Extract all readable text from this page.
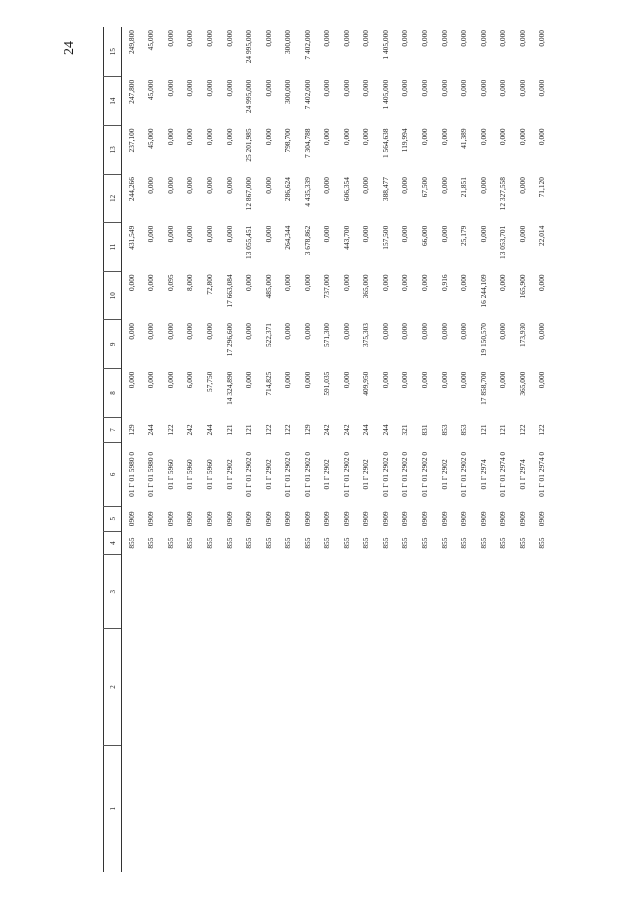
24
1	2	3	4	5	6	7	8	9	10	11	12	13	14	15
			855	0909	01 Г 01 5980 0	129	0,000	0,000	0,000	431,549	244,266	237,100	247,800	249,800
			855	0909	01 Г 01 5980 0	244	0,000	0,000	0,000	0,000	0,000	45,000	45,000	45,000
			855	0909	01 Г 5960	122	0,000	0,000	0,095	0,000	0,000	0,000	0,000	0,000
			855	0909	01 Г 5960	242	6,000	0,000	8,000	0,000	0,000	0,000	0,000	0,000
			855	0909	01 Г 5960	244	57,750	0,000	72,800	0,000	0,000	0,000	0,000	0,000
			855	0909	01 Г 2902	121	14 324,890	17 296,600	17 663,084	0,000	0,000	0,000	0,000	0,000
			855	0909	01 Г 01 2902 0	121	0,000	0,000	0,000	13 055,451	12 867,000	25 201,985	24 995,000	24 995,000
			855	0909	01 Г 2902	122	714,825	522,371	485,000	0,000	0,000	0,000	0,000	0,000
			855	0909	01 Г 01 2902 0	122	0,000	0,000	0,000	264,344	286,624	798,700	300,000	300,000
			855	0909	01 Г 01 2902 0	129	0,000	0,000	0,000	3 678,862	4 435,339	7 304,788	7 402,000	7 402,000
			855	0909	01 Г 2902	242	591,035	571,300	737,000	0,000	0,000	0,000	0,000	0,000
			855	0909	01 Г 01 2902 0	242	0,000	0,000	0,000	443,700	606,354	0,000	0,000	0,000
			855	0909	01 Г 2902	244	409,950	375,303	365,000	0,000	0,000	0,000	0,000	0,000
			855	0909	01 Г 01 2902 0	244	0,000	0,000	0,000	157,500	388,477	1 564,638	1 405,000	1 405,000
			855	0909	01 Г 01 2902 0	321	0,000	0,000	0,000	0,000	0,000	119,994	0,000	0,000
			855	0909	01 Г 01 2902 0	831	0,000	0,000	0,000	66,000	67,500	0,000	0,000	0,000
			855	0909	01 Г 2902	853	0,000	0,000	0,916	0,000	0,000	0,000	0,000	0,000
			855	0909	01 Г 01 2902 0	853	0,000	0,000	0,000	25,179	21,851	41,389	0,000	0,000
			855	0909	01 Г 2974	121	17 858,700	19 150,570	16 244,109	0,000	0,000	0,000	0,000	0,000
			855	0909	01 Г 01 2974 0	121	0,000	0,000	0,000	13 053,701	12 327,558	0,000	0,000	0,000
			855	0909	01 Г 2974	122	365,000	173,930	165,900	0,000	0,000	0,000	0,000	0,000
			855	0909	01 Г 01 2974 0	122	0,000	0,000	0,000	22,014	71,120	0,000	0,000	0,000
